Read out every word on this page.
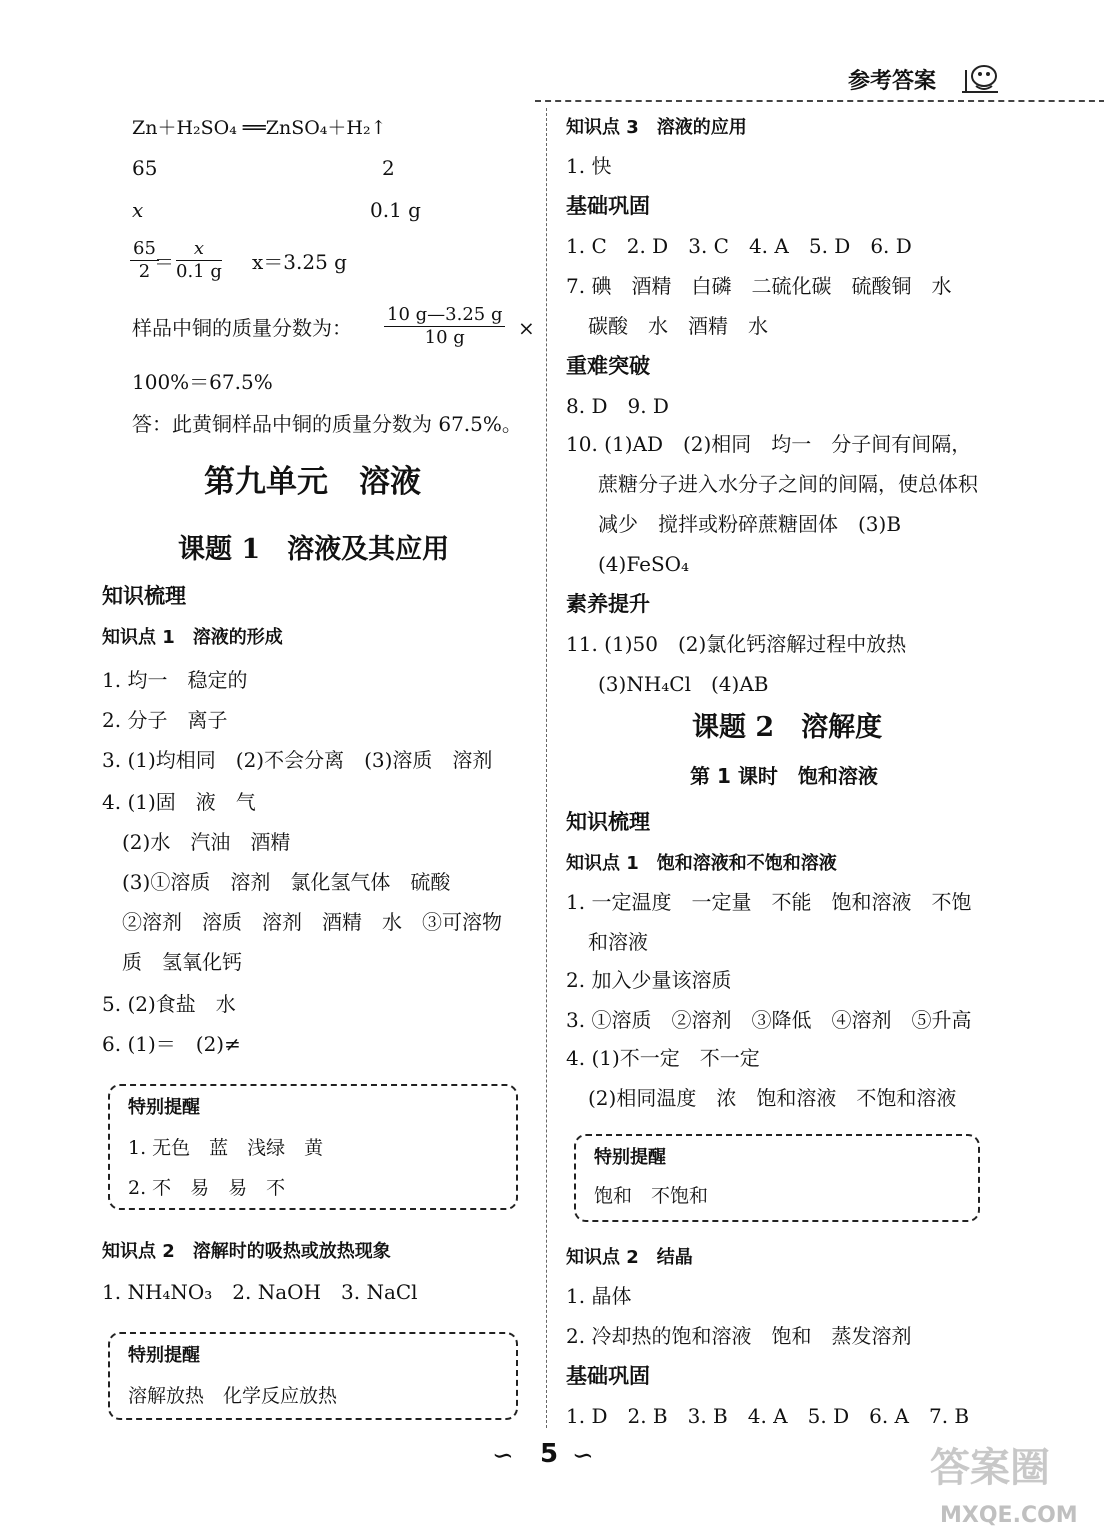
参考答案
Zn＋H₂SO₄ ══ZnSO₄＋H₂↑
65	2
x	0.1 g
$\frac{65}{2}$
＝ $\frac{x}{0.1 g} x=3.25$ g
样品中铜的质量分数为： $\frac{10 g—3.25 g}{10 g}$ ×
100%＝67.5%
答：此黄铜样品中铜的质量分数为 67.5%。
第九单元　溶液
课题 1　溶液及其应用
知识梳理
知识点 1　溶液的形成
1. 均一　稳定的
2. 分子　离子
3. (1)均相同　(2)不会分离　(3)溶质　溶剂
4. (1)固　液　气
(2)水　汽油　酒精
(3)①溶质　溶剂　氯化氢气体　硫酸
②溶剂　溶质　溶剂　酒精　水　③可溶物
质　氢氧化钙
5. (2)食盐　水
6. (1)＝　(2)≠
特别提醒
1. 无色　蓝　浅绿　黄
2. 不　易　易　不
知识点 2　溶解时的吸热或放热现象
1. NH₄NO₃　2. NaOH　3. NaCl
特别提醒
溶解放热　化学反应放热
知识点 3　溶液的应用
1. 快
基础巩固
1. C　2. D　3. C　4. A　5. D　6. D
7. 碘　酒精　白磷　二硫化碳　硫酸铜　水
碳酸　水　酒精　水
重难突破
8. D　9. D
10. (1)AD　(2)相同　均一　分子间有间隔，
蔗糖分子进入水分子之间的间隔，使总体积
减少　搅拌或粉碎蔗糖固体　(3)B
(4)FeSO₄
素养提升
11. (1)50　(2)氯化钙溶解过程中放热
(3)NH₄Cl　(4)AB
课题 2　溶解度
第 1 课时　饱和溶液
知识梳理
知识点 1　饱和溶液和不饱和溶液
1. 一定温度　一定量　不能　饱和溶液　不饱
和溶液
2. 加入少量该溶质
3. ①溶质　②溶剂　③降低　④溶剂　⑤升高
4. (1)不一定　不一定
(2)相同温度　浓　饱和溶液　不饱和溶液
特别提醒
饱和　不饱和
知识点 2　结晶
1. 晶体
2. 冷却热的饱和溶液　饱和　蒸发溶剂
基础巩固
1. D　2. B　3. B　4. A　5. D　6. A　7. B
∽ 5 ∽	答案圈
MXQE.COM
